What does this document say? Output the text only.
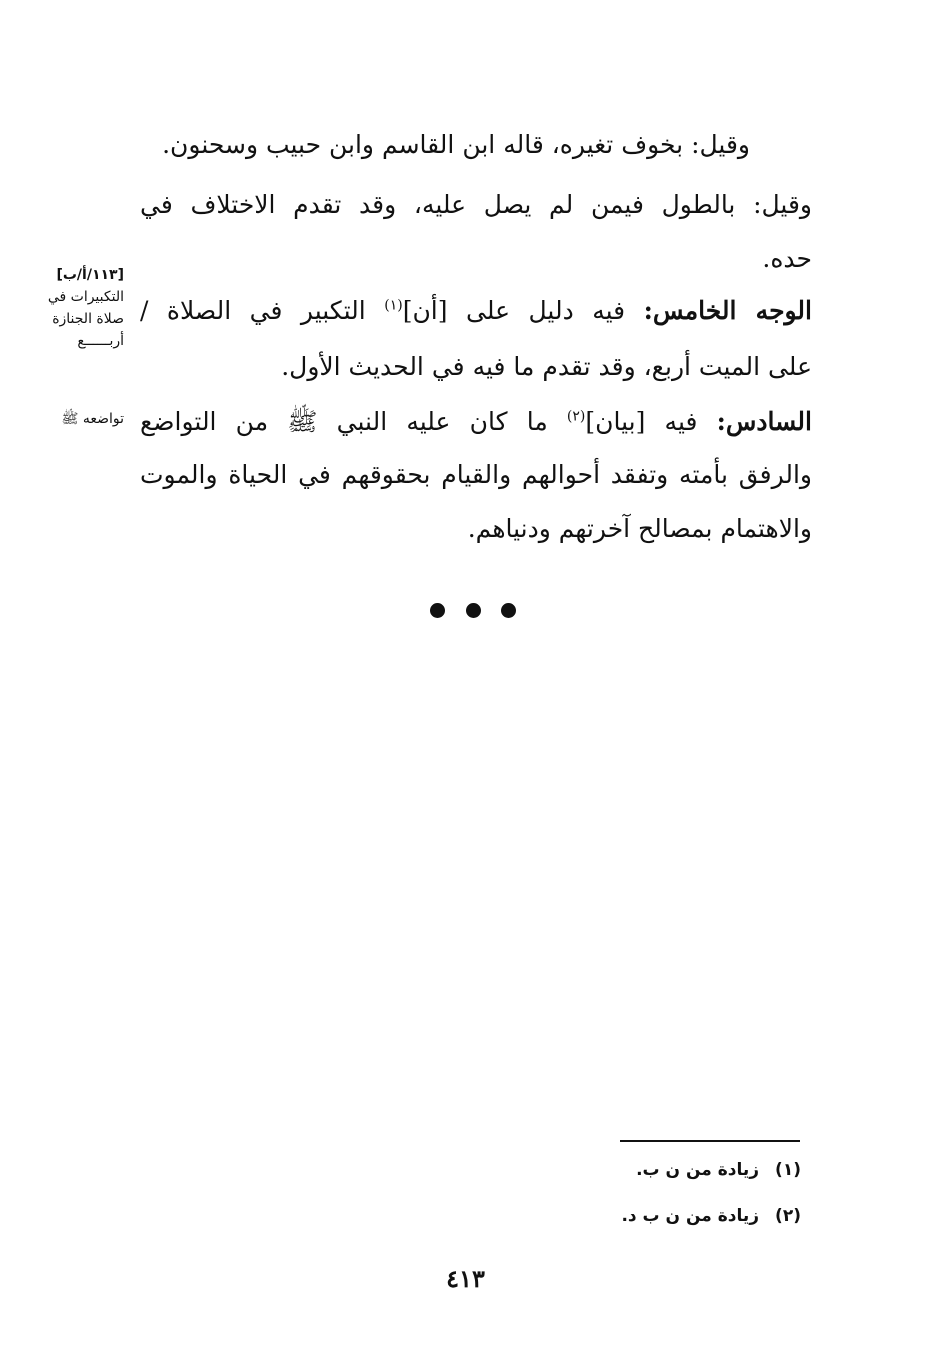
وقيل: بخوف تغيره، قاله ابن القاسم وابن حبيب وسحنون.
وقيل: بالطول فيمن لم يصل عليه، وقد تقدم الاختلاف في
حده.
الوجه الخامس: فيه دليل على [أن]$^{(١)}$ التكبير في الصلاة /
على الميت أربع، وقد تقدم ما فيه في الحديث الأول.
السادس: فيه [بيان]$^{(٢)}$ ما كان عليه النبي ﷺ من التواضع
والرفق بأمته وتفقد أحوالهم والقيام بحقوقهم في الحياة والموت
والاهتمام بمصالح آخرتهم ودنياهم.
[١١٣/أ/ب]
التكبيرات في
صلاة الجنازة
أربــــــع
تواضعه ﷺ
(١)زيادة من ن ب.
(٢)زيادة من ن ب د.
٤١٣
